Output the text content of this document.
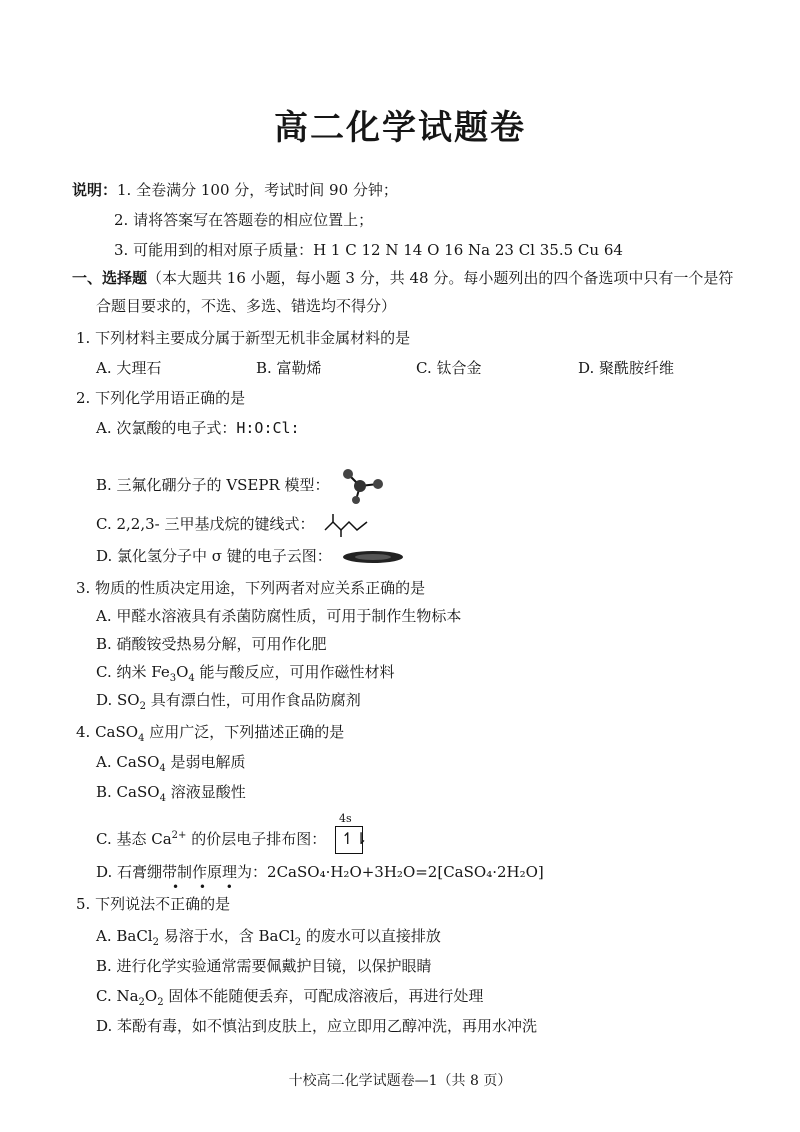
高二化学试题卷
说明：1. 全卷满分 100 分，考试时间 90 分钟；
2. 请将答案写在答题卷的相应位置上；
3. 可能用到的相对原子质量：H 1 C 12 N 14 O 16 Na 23 Cl 35.5 Cu 64
一、选择题（本大题共 16 小题，每小题 3 分，共 48 分。每小题列出的四个备选项中只有一个是符
合题目要求的，不选、多选、错选均不得分）
1. 下列材料主要成分属于新型无机非金属材料的是
A. 大理石	B. 富勒烯	C. 钛合金	D. 聚酰胺纤维
2. 下列化学用语正确的是
A. 次氯酸的电子式：H:O:Cl:
B. 三氟化硼分子的 VSEPR 模型：
C. 2,2,3- 三甲基戊烷的键线式：
D. 氯化氢分子中 σ 键的电子云图：
3. 物质的性质决定用途，下列两者对应关系正确的是
A. 甲醛水溶液具有杀菌防腐性质，可用于制作生物标本
B. 硝酸铵受热易分解，可用作化肥
C. 纳米 $Fe_3O_4$ 能与酸反应，可用作磁性材料
D. $SO_2$ 具有漂白性，可用作食品防腐剂
4. CaSO$_4$ 应用广泛，下列描述正确的是
A. CaSO$_4$ 是弱电解质
B. CaSO$_4$ 溶液显酸性
C. 基态 $Ca^{2+}$ 的价层电子排布图：
4s
↿⇂
D. 石膏绷带制作原理为：2CaSO₄·H₂O+3H₂O=2[CaSO₄·2H₂O]
5. 下列说法不正确的是
• • •
A. BaCl$_2$ 易溶于水，含 BaCl$_2$ 的废水可以直接排放
B. 进行化学实验通常需要佩戴护目镜，以保护眼睛
C. $Na_2O_2$ 固体不能随便丢弃，可配成溶液后，再进行处理
D. 苯酚有毒，如不慎沾到皮肤上，应立即用乙醇冲洗，再用水冲洗
十校高二化学试题卷—1（共 8 页）
